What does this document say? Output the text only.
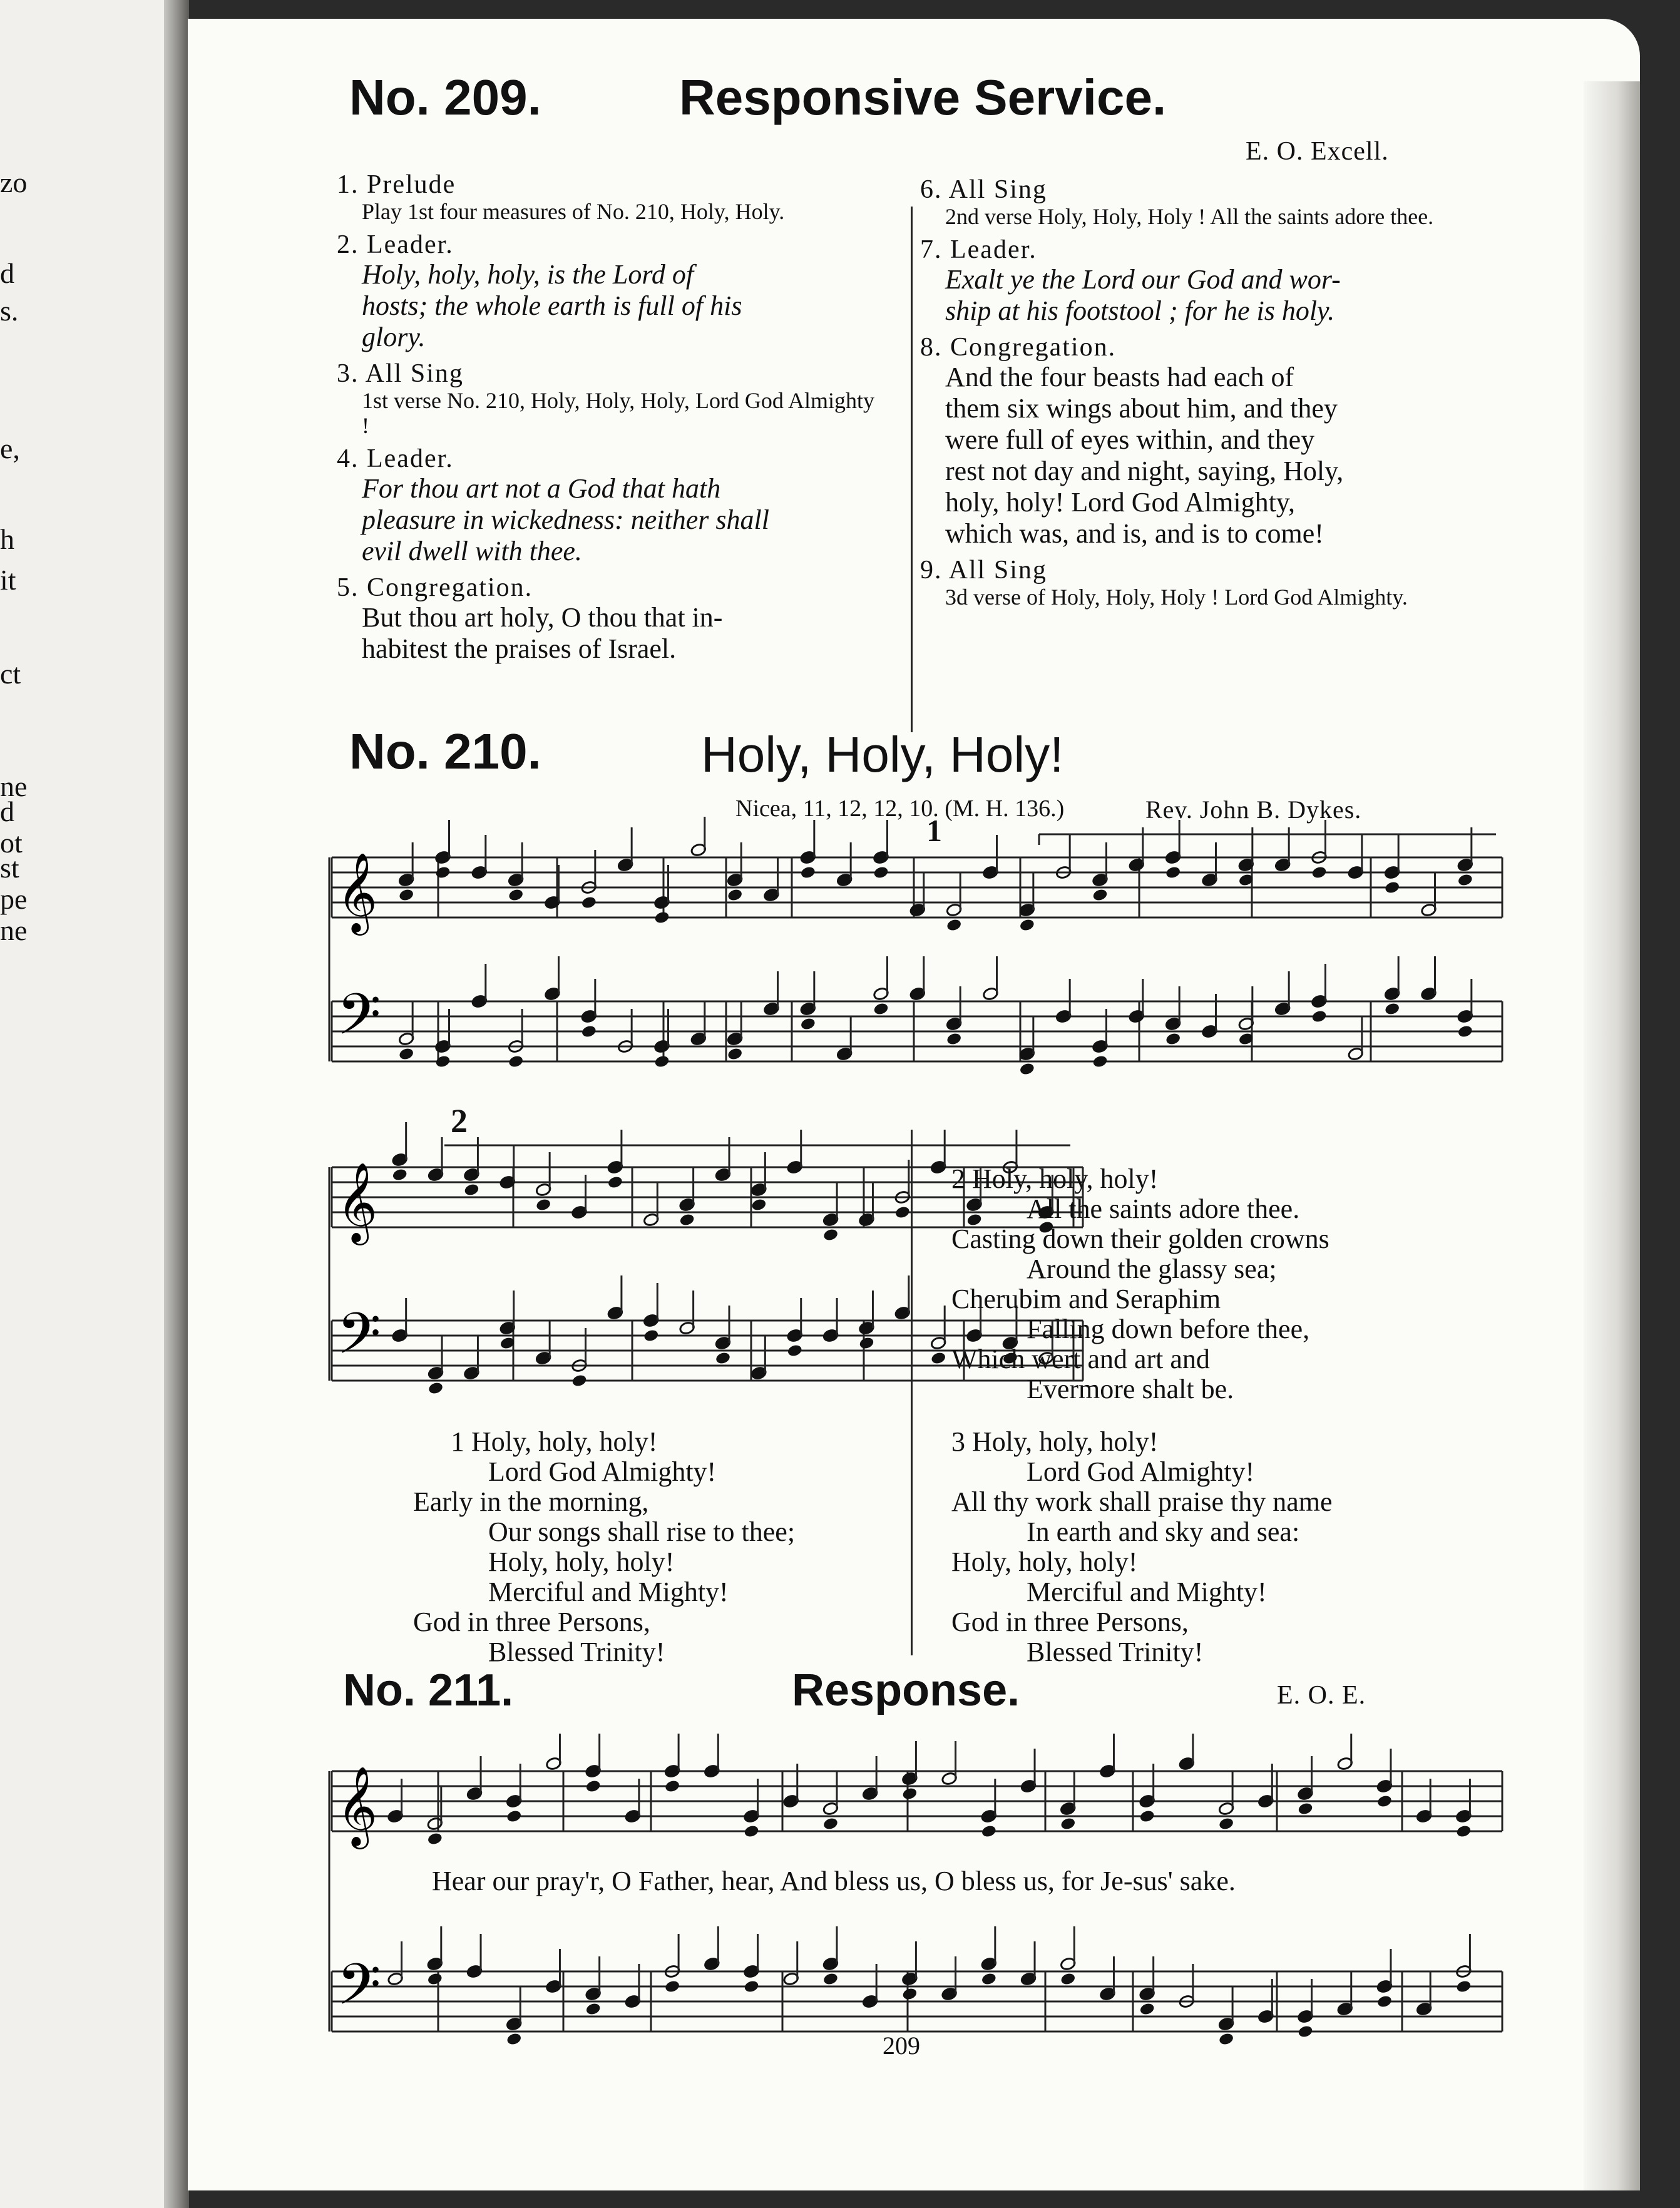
zo
d
s.
e,
h
it
ct
ne
d
ot
st
pe
ne
No. 209.	Responsive Service.
E. O. Excell.
1. Prelude
Play 1st four measures of No. 210, Holy, Holy.
2. Leader.
Holy, holy, holy, is the Lord of
hosts; the whole earth is full of his
glory.
3. All Sing
1st verse No. 210, Holy, Holy, Holy, Lord God Almighty !
4. Leader.
For thou art not a God that hath
pleasure in wickedness: neither shall
evil dwell with thee.
5. Congregation.
But thou art holy, O thou that in-
habitest the praises of Israel.
6. All Sing
2nd verse Holy, Holy, Holy ! All the saints adore thee.
7. Leader.
Exalt ye the Lord our God and wor-
ship at his footstool ; for he is holy.
8. Congregation.
And the four beasts had each of
them six wings about him, and they
were full of eyes within, and they
rest not day and night, saying, Holy,
holy, holy! Lord God Almighty,
which was, and is, and is to come!
9. All Sing
3d verse of Holy, Holy, Holy ! Lord God Almighty.
No. 210.	Holy, Holy, Holy!
Nicea, 11, 12, 12, 10. (M. H. 136.)	Rev. John B. Dykes.
𝄞
𝄢
1
𝄞
𝄢
2
1 Holy, holy, holy!
Lord God Almighty!
Early in the morning,
Our songs shall rise to thee;
Holy, holy, holy!
Merciful and Mighty!
God in three Persons,
Blessed Trinity!
2 Holy, holy, holy!
All the saints adore thee.
Casting down their golden crowns
Around the glassy sea;
Cherubim and Seraphim
Falling down before thee,
Which wert and art and
Evermore shalt be.
3 Holy, holy, holy!
Lord God Almighty!
All thy work shall praise thy name
In earth and sky and sea:
Holy, holy, holy!
Merciful and Mighty!
God in three Persons,
Blessed Trinity!
No. 211.	Response.	E. O. E.
𝄞
𝄢
Hear our pray'r, O Father, hear, And bless us, O bless us, for Je-sus' sake.
209
